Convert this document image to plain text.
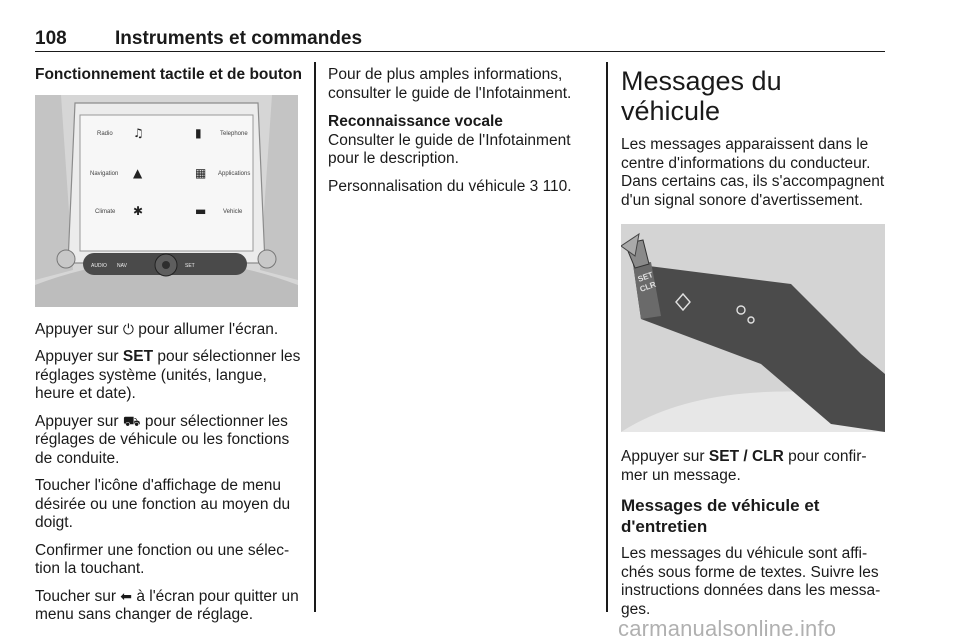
108	Instruments et commandes
Fonctionnement tactile et de bouton
Radio	Telephone
Navigation	Applications
Climate	Vehicle
♫	▮
▲	▦
✱	▬
AUDIO NAV	SET

Appuyer sur ⏻ pour allumer l'écran.

Appuyer sur SET pour sélectionner les réglages système (unités, langue, heure et date).

Appuyer sur ⛟ pour sélectionner les réglages de véhicule ou les fonctions de conduite.

Toucher l'icône d'affichage de menu désirée ou une fonction au moyen du doigt.

Confirmer une fonction ou une sélection la touchant.

Toucher sur ⬅ à l'écran pour quitter un menu sans changer de réglage.

Pour de plus amples informations, consulter le guide de l'Infotainment.

Reconnaissance vocale

Consulter le guide de l'Infotainment pour le description.

Personnalisation du véhicule 3 110.

Messages du véhicule

Les messages apparaissent dans le centre d'informations du conducteur. Dans certains cas, ils s'accompagnent d'un signal sonore d'avertissement.

SET
CLR

Appuyer sur SET / CLR pour confirmer un message.

Messages de véhicule et d'entretien

Les messages du véhicule sont affichés sous forme de textes. Suivre les instructions données dans les messages.

carmanualsonline.info
